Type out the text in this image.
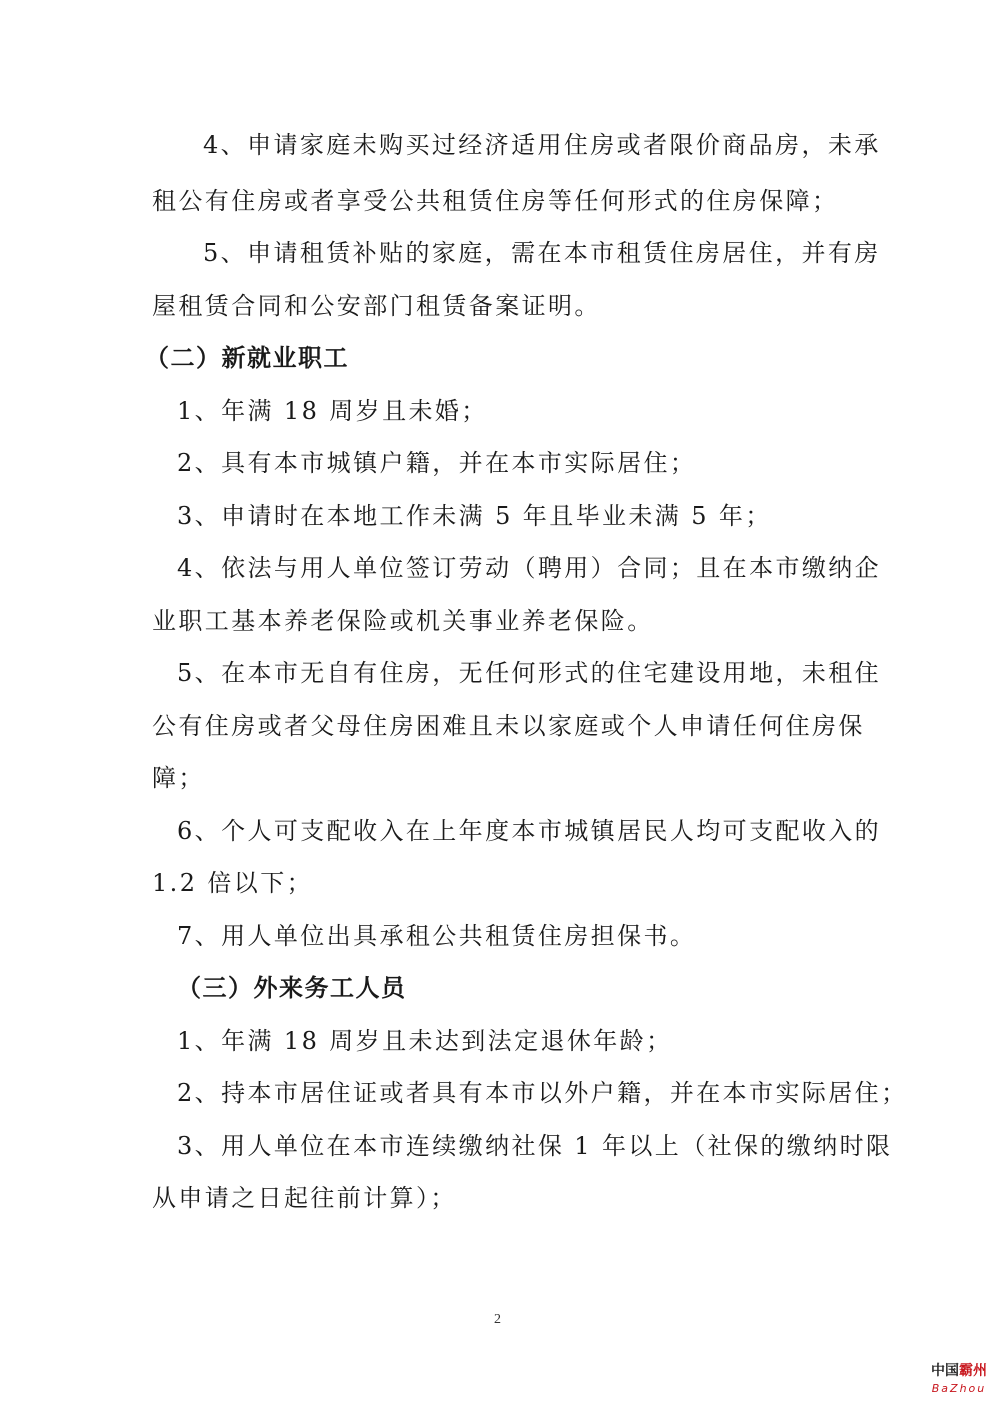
4、申请家庭未购买过经济适用住房或者限价商品房，未承
租公有住房或者享受公共租赁住房等任何形式的住房保障；
5、申请租赁补贴的家庭，需在本市租赁住房居住，并有房
屋租赁合同和公安部门租赁备案证明。
（二）新就业职工
1、年满 18 周岁且未婚；
2、具有本市城镇户籍，并在本市实际居住；
3、申请时在本地工作未满 5 年且毕业未满 5 年；
4、依法与用人单位签订劳动（聘用）合同；且在本市缴纳企
业职工基本养老保险或机关事业养老保险。
5、在本市无自有住房，无任何形式的住宅建设用地，未租住
公有住房或者父母住房困难且未以家庭或个人申请任何住房保
障；
6、个人可支配收入在上年度本市城镇居民人均可支配收入的
1.2 倍以下；
7、用人单位出具承租公共租赁住房担保书。
（三）外来务工人员
1、年满 18 周岁且未达到法定退休年龄；
2、持本市居住证或者具有本市以外户籍，并在本市实际居住；
3、用人单位在本市连续缴纳社保 1 年以上（社保的缴纳时限
从申请之日起往前计算）；
2
中国霸州
BaZhou
